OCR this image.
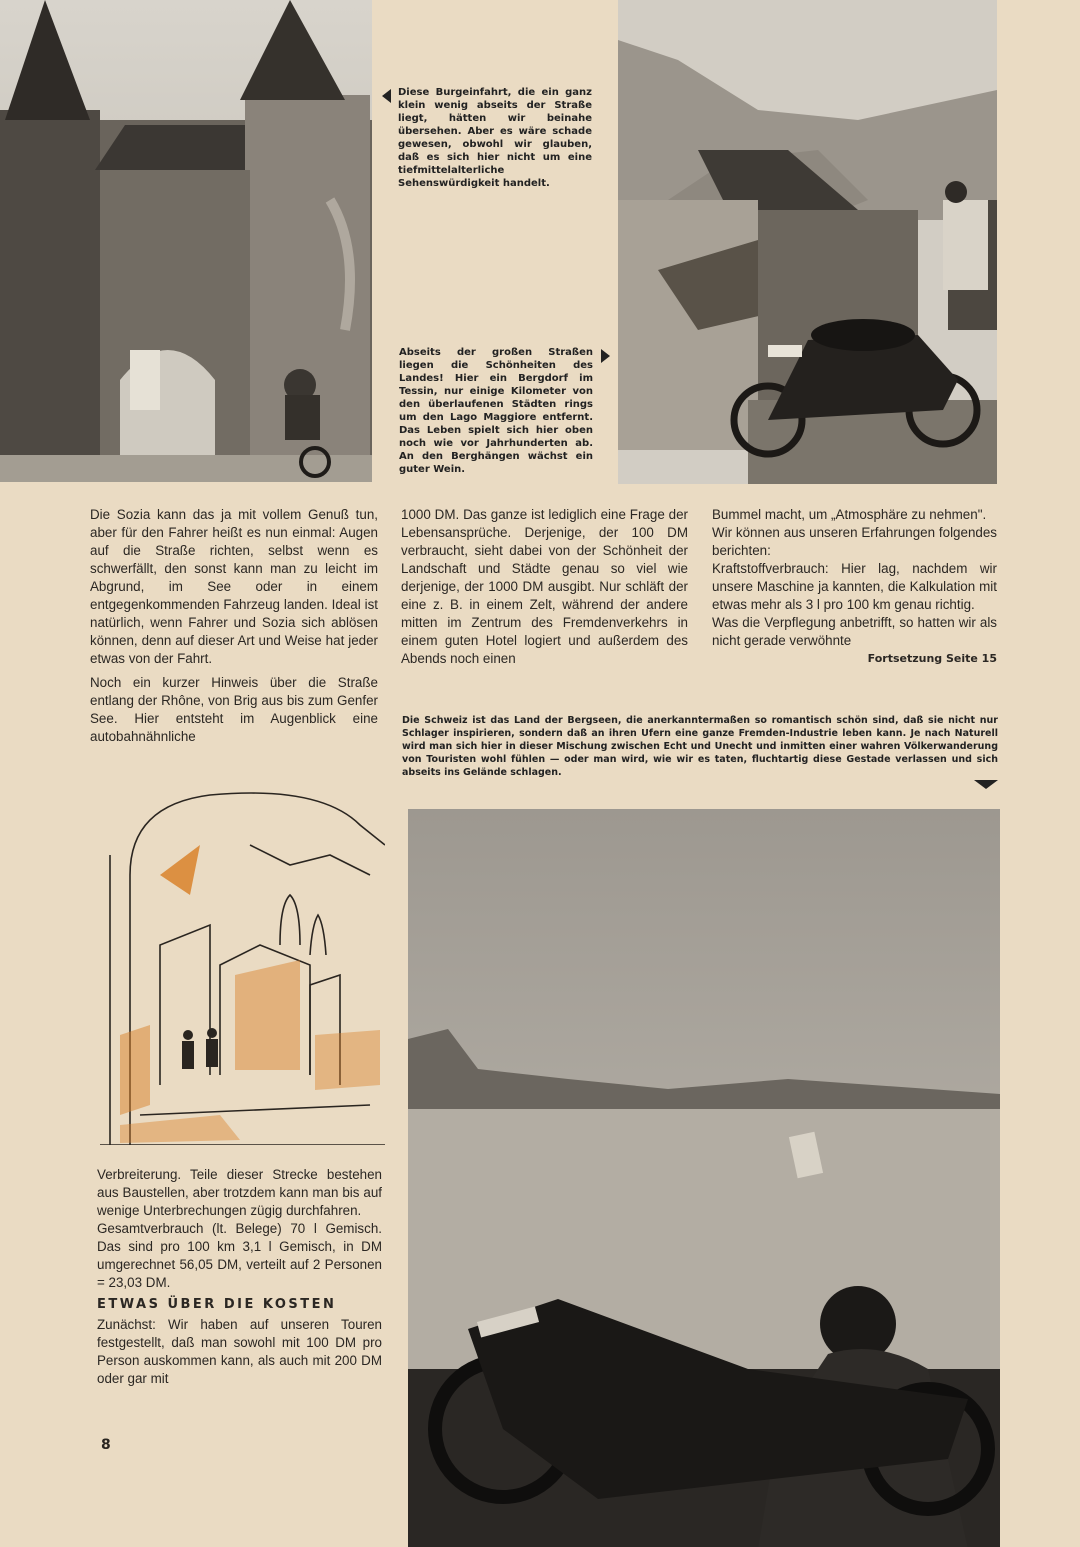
Diese Burgeinfahrt, die ein ganz klein wenig abseits der Straße liegt, hätten wir beinahe übersehen. Aber es wäre schade gewesen, obwohl wir glauben, daß es sich hier nicht um eine tiefmittelalterliche Sehenswürdigkeit handelt.
Abseits der großen Straßen liegen die Schönheiten des Landes! Hier ein Bergdorf im Tessin, nur einige Kilometer von den überlaufenen Städten rings um den Lago Maggiore entfernt. Das Leben spielt sich hier oben noch wie vor Jahrhunderten ab. An den Berghängen wächst ein guter Wein.

Die Sozia kann das ja mit vollem Genuß tun, aber für den Fahrer heißt es nun einmal: Augen auf die Straße richten, selbst wenn es schwerfällt, den sonst kann man zu leicht im Abgrund, im See oder in einem entgegenkommenden Fahrzeug landen. Ideal ist natürlich, wenn Fahrer und Sozia sich ablösen können, denn auf dieser Art und Weise hat jeder etwas von der Fahrt.

Noch ein kurzer Hinweis über die Straße entlang der Rhône, von Brig aus bis zum Genfer See. Hier entsteht im Augenblick eine autobahnähnliche

1000 DM. Das ganze ist lediglich eine Frage der Lebensansprüche. Derjenige, der 100 DM verbraucht, sieht dabei von der Schönheit der Landschaft und Städte genau so viel wie derjenige, der 1000 DM ausgibt. Nur schläft der eine z. B. in einem Zelt, während der andere mitten im Zentrum des Fremdenverkehrs in einem guten Hotel logiert und außerdem des Abends noch einen

Bummel macht, um „Atmosphäre zu nehmen".

Wir können aus unseren Erfahrungen folgendes berichten:

Kraftstoffverbrauch: Hier lag, nachdem wir unsere Maschine ja kannten, die Kalkulation mit etwas mehr als 3 l pro 100 km genau richtig.

Was die Verpflegung anbetrifft, so hatten wir als nicht gerade verwöhnte

Fortsetzung Seite 15
Die Schweiz ist das Land der Bergseen, die anerkanntermaßen so romantisch schön sind, daß sie nicht nur Schlager inspirieren, sondern daß an ihren Ufern eine ganze Fremden-Industrie leben kann. Je nach Naturell wird man sich hier in dieser Mischung zwischen Echt und Unecht und inmitten einer wahren Völkerwanderung von Touristen wohl fühlen — oder man wird, wie wir es taten, fluchtartig diese Gestade verlassen und sich abseits ins Gelände schlagen.

Verbreiterung. Teile dieser Strecke bestehen aus Baustellen, aber trotzdem kann man bis auf wenige Unterbrechungen zügig durchfahren.

Gesamtverbrauch (lt. Belege) 70 l Gemisch. Das sind pro 100 km 3,1 l Gemisch, in DM umgerechnet 56,05 DM, verteilt auf 2 Personen = 23,03 DM.

ETWAS ÜBER DIE KOSTEN

Zunächst: Wir haben auf unseren Touren festgestellt, daß man sowohl mit 100 DM pro Person auskommen kann, als auch mit 200 DM oder gar mit

8
